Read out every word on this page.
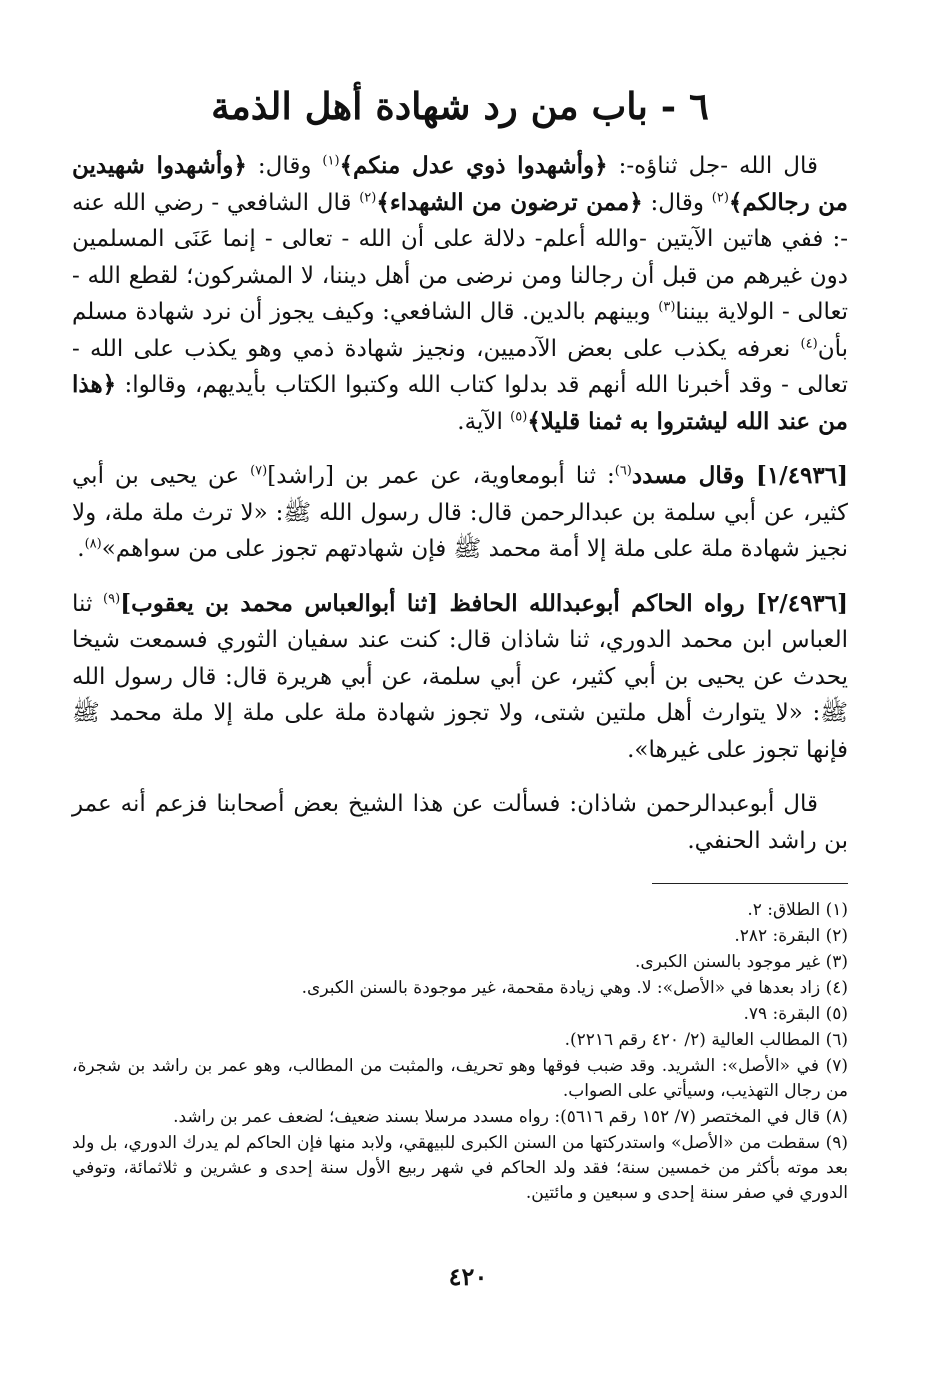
٦ - باب من رد شهادة أهل الذمة

قال الله -جل ثناؤه-: ﴿وأشهدوا ذوي عدل منكم﴾$^{(١)}$ وقال: ﴿وأشهدوا شهيدين من رجالكم﴾$^{(٢)}$ وقال: ﴿ممن ترضون من الشهداء﴾$^{(٢)}$ قال الشافعي - رضي الله عنه -: ففي هاتين الآيتين -والله أعلم- دلالة على أن الله - تعالى - إنما عَنَى المسلمين دون غيرهم من قبل أن رجالنا ومن نرضى من أهل ديننا، لا المشركون؛ لقطع الله - تعالى - الولاية بيننا$^{(٣)}$ وبينهم بالدين. قال الشافعي: وكيف يجوز أن نرد شهادة مسلم بأن$^{(٤)}$ نعرفه يكذب على بعض الآدميين، ونجيز شهادة ذمي وهو يكذب على الله - تعالى - وقد أخبرنا الله أنهم قد بدلوا كتاب الله وكتبوا الكتاب بأيديهم، وقالوا: ﴿هذا من عند الله ليشتروا به ثمنا قليلا﴾$^{(٥)}$ الآية.

[١/٤٩٣٦] وقال مسدد$^{(٦)}$: ثنا أبومعاوية، عن عمر بن [راشد]$^{(٧)}$ عن يحيى بن أبي كثير، عن أبي سلمة بن عبدالرحمن قال: قال رسول الله ﷺ: «لا ترث ملة ملة، ولا نجيز شهادة ملة على ملة إلا أمة محمد ﷺ فإن شهادتهم تجوز على من سواهم»$^{(٨)}$.

[٢/٤٩٣٦] رواه الحاكم أبوعبدالله الحافظ [ثنا أبوالعباس محمد بن يعقوب]$^{(٩)}$ ثنا العباس ابن محمد الدوري، ثنا شاذان قال: كنت عند سفيان الثوري فسمعت شيخا يحدث عن يحيى بن أبي كثير، عن أبي سلمة، عن أبي هريرة قال: قال رسول الله ﷺ: «لا يتوارث أهل ملتين شتى، ولا تجوز شهادة ملة على ملة إلا ملة محمد ﷺ فإنها تجوز على غيرها».

قال أبوعبدالرحمن شاذان: فسألت عن هذا الشيخ بعض أصحابنا فزعم أنه عمر بن راشد الحنفي.

(١) الطلاق: ٢.

(٢) البقرة: ٢٨٢.

(٣) غير موجود بالسنن الكبرى.

(٤) زاد بعدها في «الأصل»: لا. وهي زيادة مقحمة، غير موجودة بالسنن الكبرى.

(٥) البقرة: ٧٩.

(٦) المطالب العالية (٢/ ٤٢٠ رقم ٢٢١٦).

(٧) في «الأصل»: الشريد. وقد ضبب فوقها وهو تحريف، والمثبت من المطالب، وهو عمر بن راشد بن شجرة، من رجال التهذيب، وسيأتي على الصواب.

(٨) قال في المختصر (٧/ ١٥٢ رقم ٥٦١٦): رواه مسدد مرسلا بسند ضعيف؛ لضعف عمر بن راشد.

(٩) سقطت من «الأصل» واستدركتها من السنن الكبرى للبيهقي، ولابد منها فإن الحاكم لم يدرك الدوري، بل ولد بعد موته بأكثر من خمسين سنة؛ فقد ولد الحاكم في شهر ربيع الأول سنة إحدى و عشرين و ثلاثمائة، وتوفي الدوري في صفر سنة إحدى و سبعين و مائتين.

٤٢٠
